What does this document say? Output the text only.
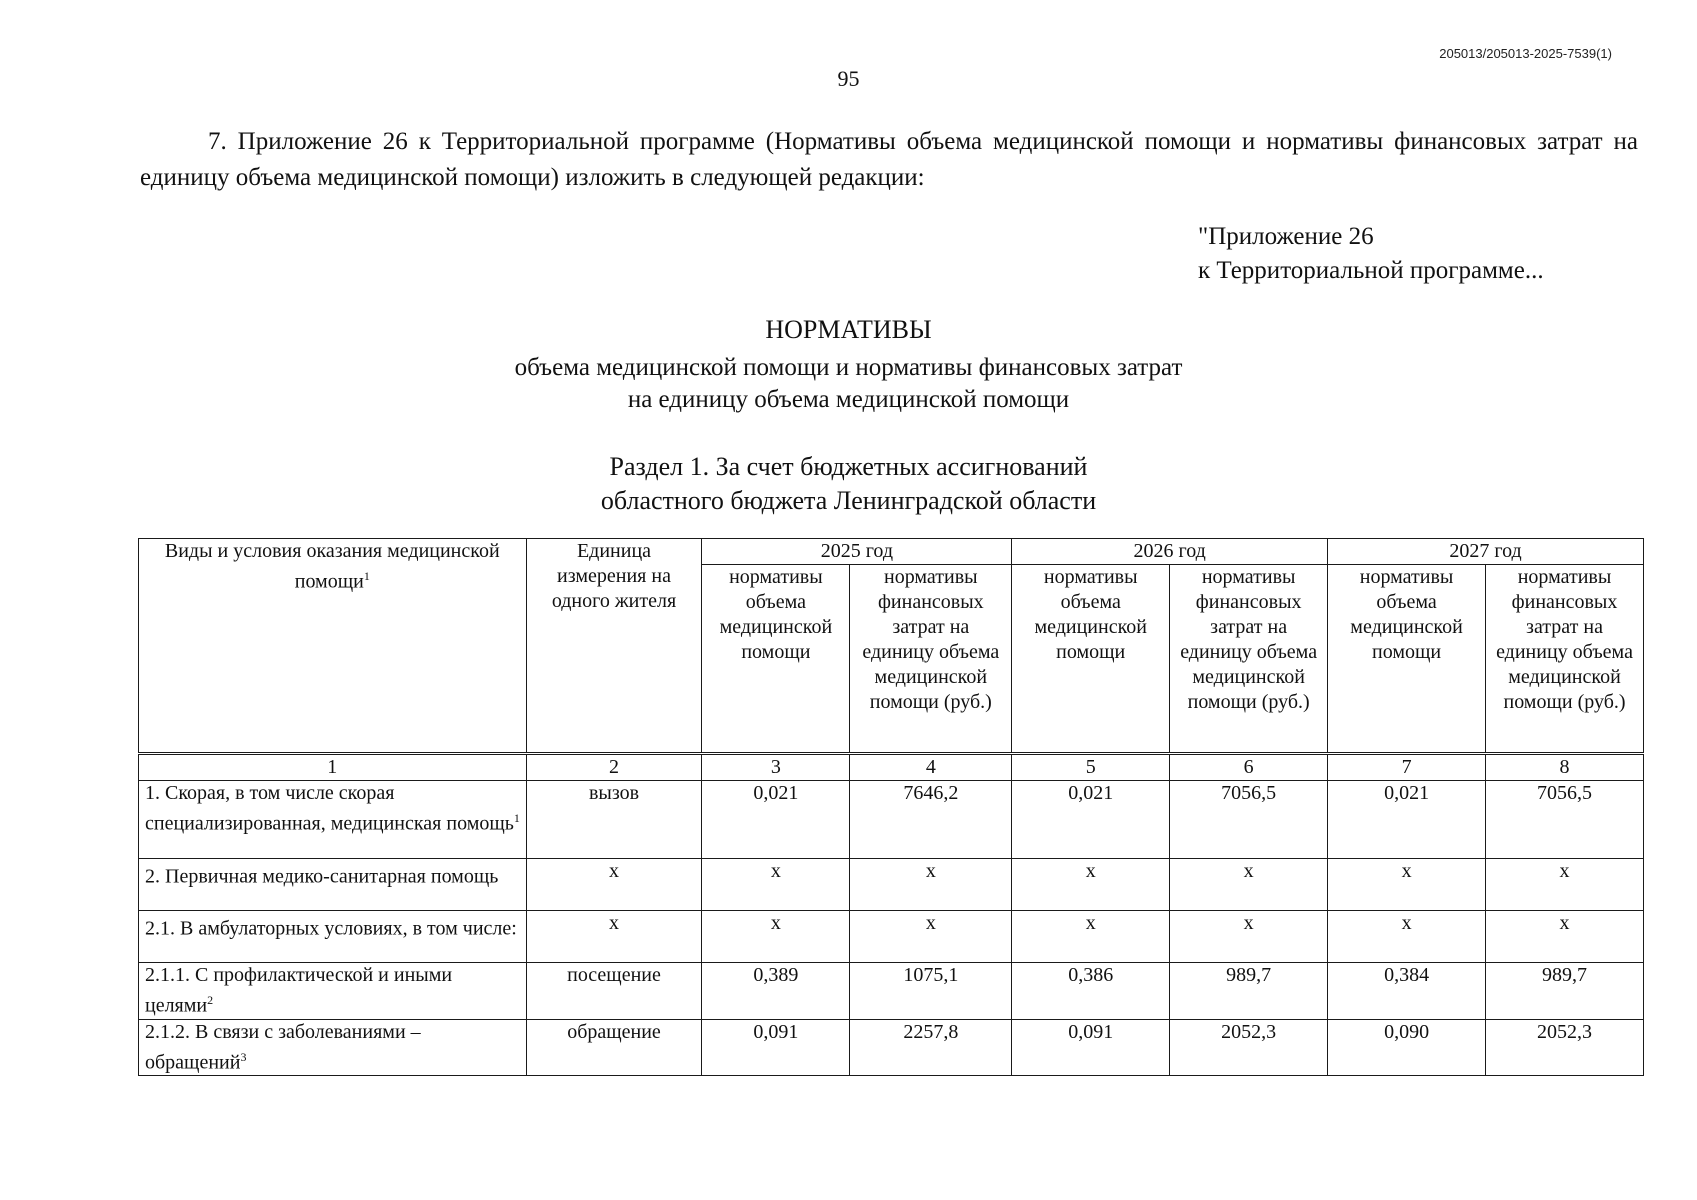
205013/205013-2025-7539(1)
95

7. Приложение 26 к Территориальной программе (Нормативы объема медицинской помощи и нормативы финансовых затрат на единицу объема медицинской помощи) изложить в следующей редакции:

"Приложение 26
к Территориальной программе...
НОРМАТИВЫ
объема медицинской помощи и нормативы финансовых затрат
на единицу объема медицинской помощи
Раздел 1. За счет бюджетных ассигнований
областного бюджета Ленинградской области
Виды и условия оказания медицинской помощи$^1$	Единица измерения на одного жителя	2025 год		2026 год		2027 год	
		нормативы объема медицинской помощи	нормативы финансовых затрат на единицу объема медицинской помощи (руб.)	нормативы объема медицинской помощи	нормативы финансовых затрат на единицу объема медицинской помощи (руб.)	нормативы объема медицинской помощи	нормативы финансовых затрат на единицу объема медицинской помощи (руб.)
1	2	3	4	5	6	7	8
1. Скорая, в том числе скорая специализированная, медицинская помощь$^1$	вызов	0,021	7646,2	0,021	7056,5	0,021	7056,5
2. Первичная медико-санитарная помощь	х	х	х	х	х	х	х
2.1. В амбулаторных условиях, в том числе:	х	х	х	х	х	х	х
2.1.1. С профилактической и иными целями$^2$	посещение	0,389	1075,1	0,386	989,7	0,384	989,7
2.1.2. В связи с заболеваниями – обращений$^3$	обращение	0,091	2257,8	0,091	2052,3	0,090	2052,3
